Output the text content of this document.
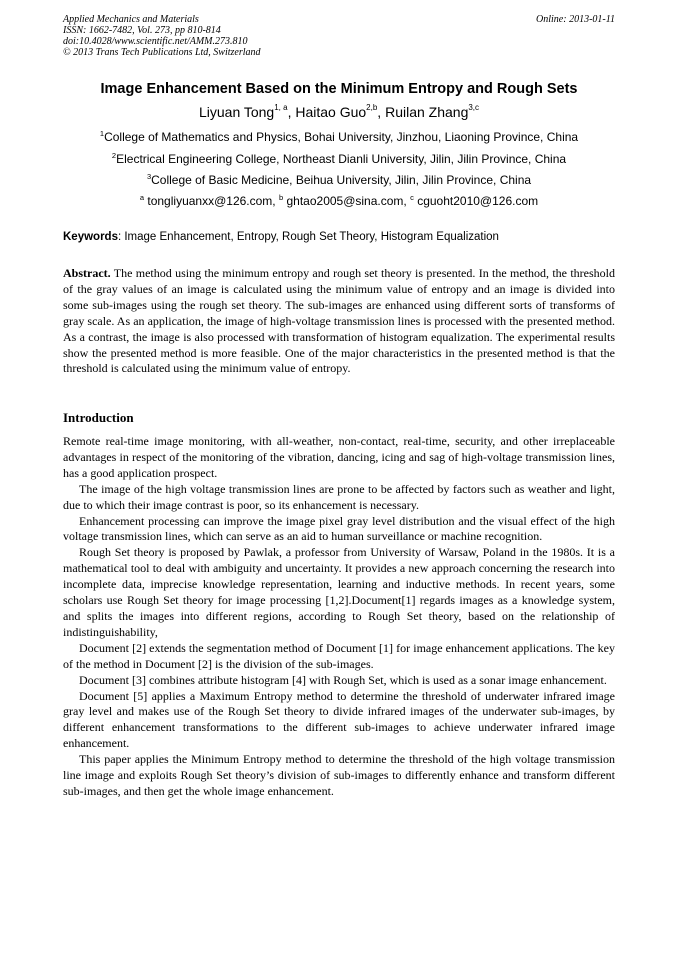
Applied Mechanics and Materials
ISSN: 1662-7482, Vol. 273, pp 810-814
doi:10.4028/www.scientific.net/AMM.273.810
© 2013 Trans Tech Publications Ltd, Switzerland
Online: 2013-01-11
Image Enhancement Based on the Minimum Entropy and Rough Sets
Liyuan Tong$^{1, a}$, Haitao Guo$^{2,b}$, Ruilan Zhang$^{3,c}$
$^1$College of Mathematics and Physics, Bohai University, Jinzhou, Liaoning Province, China
$^2$Electrical Engineering College, Northeast Dianli University, Jilin, Jilin Province, China
$^3$College of Basic Medicine, Beihua University, Jilin, Jilin Province, China
$^a$ tongliyuanxx@126.com, $^b$ ghtao2005@sina.com, $^c$ cguoht2010@126.com
Keywords: Image Enhancement, Entropy, Rough Set Theory, Histogram Equalization

Abstract. The method using the minimum entropy and rough set theory is presented. In the method, the threshold of the gray values of an image is calculated using the minimum value of entropy and an image is divided into some sub-images using the rough set theory. The sub-images are enhanced using different sorts of transforms of gray scale. As an application, the image of high-voltage transmission lines is processed with the presented method. As a contrast, the image is also processed with transformation of histogram equalization. The experimental results show the presented method is more feasible. One of the major characteristics in the presented method is that the threshold is calculated using the minimum value of entropy.

Introduction

Remote real-time image monitoring, with all-weather, non-contact, real-time, security, and other irreplaceable advantages in respect of the monitoring of the vibration, dancing, icing and sag of high-voltage transmission lines, has a good application prospect.

The image of the high voltage transmission lines are prone to be affected by factors such as weather and light, due to which their image contrast is poor, so its enhancement is necessary.

Enhancement processing can improve the image pixel gray level distribution and the visual effect of the high voltage transmission lines, which can serve as an aid to human surveillance or machine recognition.

Rough Set theory is proposed by Pawlak, a professor from University of Warsaw, Poland in the 1980s. It is a mathematical tool to deal with ambiguity and uncertainty. It provides a new approach concerning the research into incomplete data, imprecise knowledge representation, learning and inductive methods. In recent years, some scholars use Rough Set theory for image processing [1,2].Document[1] regards images as a knowledge system, and splits the images into different regions, according to Rough Set theory, based on the relationship of indistinguishability,

Document [2] extends the segmentation method of Document [1] for image enhancement applications. The key of the method in Document [2] is the division of the sub-images.

Document [3] combines attribute histogram [4] with Rough Set, which is used as a sonar image enhancement.

Document [5] applies a Maximum Entropy method to determine the threshold of underwater infrared image gray level and makes use of the Rough Set theory to divide infrared images of the underwater sub-images, by different enhancement transformations to the different sub-images to achieve underwater infrared image enhancement.

This paper applies the Minimum Entropy method to determine the threshold of the high voltage transmission line image and exploits Rough Set theory’s division of sub-images to differently enhance and transform different sub-images, and then get the whole image enhancement.
